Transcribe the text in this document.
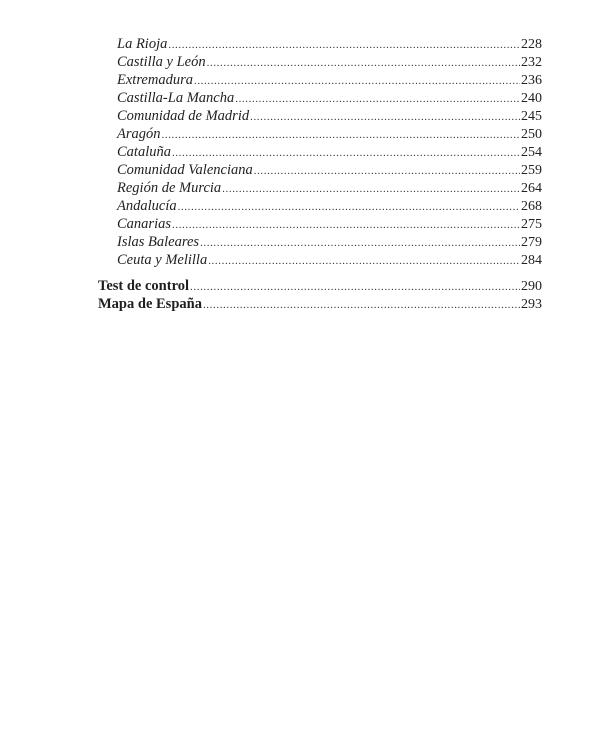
La Rioja .....	228
Castilla y León .....	232
Extremadura .....	236
Castilla-La Mancha .....	240
Comunidad de Madrid .....	245
Aragón .....	250
Cataluña .....	254
Comunidad Valenciana .....	259
Región de Murcia .....	264
Andalucía .....	268
Canarias .....	275
Islas Baleares .....	279
Ceuta y Melilla .....	284
Test de control .....	290
Mapa de España .....	293
